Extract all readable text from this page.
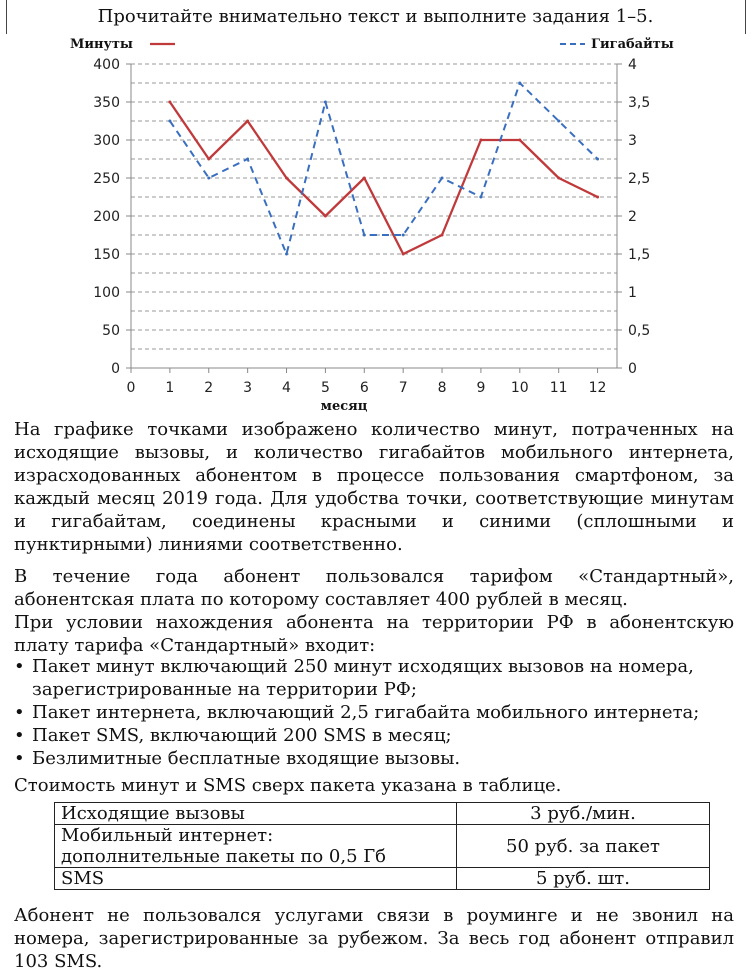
Прочитайте внимательно текст и выполните задания 1–5.
0
50
100
150
200
250
300
350
400
0
0,5
1
1,5
2
2,5
3
3,5
4
0 1 2 3 4 5 6 7 8 9 10 11 12
месяц
Минуты	Гигабайты

На графике точками изображено количество минут, потраченных на исходящие вызовы, и количество гигабайтов мобильного интернета, израсходованных абонентом в процессе пользования смартфоном, за каждый месяц 2019 года. Для удобства точки, соответствующие минутам и гигабайтам, соединены красными и синими (сплошными и пунктирными) линиями соответственно.

В течение года абонент пользовался тарифом «Стандартный», абонентская плата по которому составляет 400 рублей в месяц.

При условии нахождения абонента на территории РФ в абонентскую плату тарифа «Стандартный» входит:

• Пакет минут включающий 250 минут исходящих вызовов на номера, зарегистрированные на территории РФ;
• Пакет интернета, включающий 2,5 гигабайта мобильного интернета;
• Пакет SMS, включающий 200 SMS в месяц;
• Безлимитные бесплатные входящие вызовы.

Стоимость минут и SMS сверх пакета указана в таблице.

Исходящие вызовы	3 руб./мин.
Мобильный интернет:
дополнительные пакеты по 0,5 Гб	50 руб. за пакет
SMS	5 руб. шт.

Абонент не пользовался услугами связи в роуминге и не звонил на номера, зарегистрированные за рубежом. За весь год абонент отправил 103 SMS.
